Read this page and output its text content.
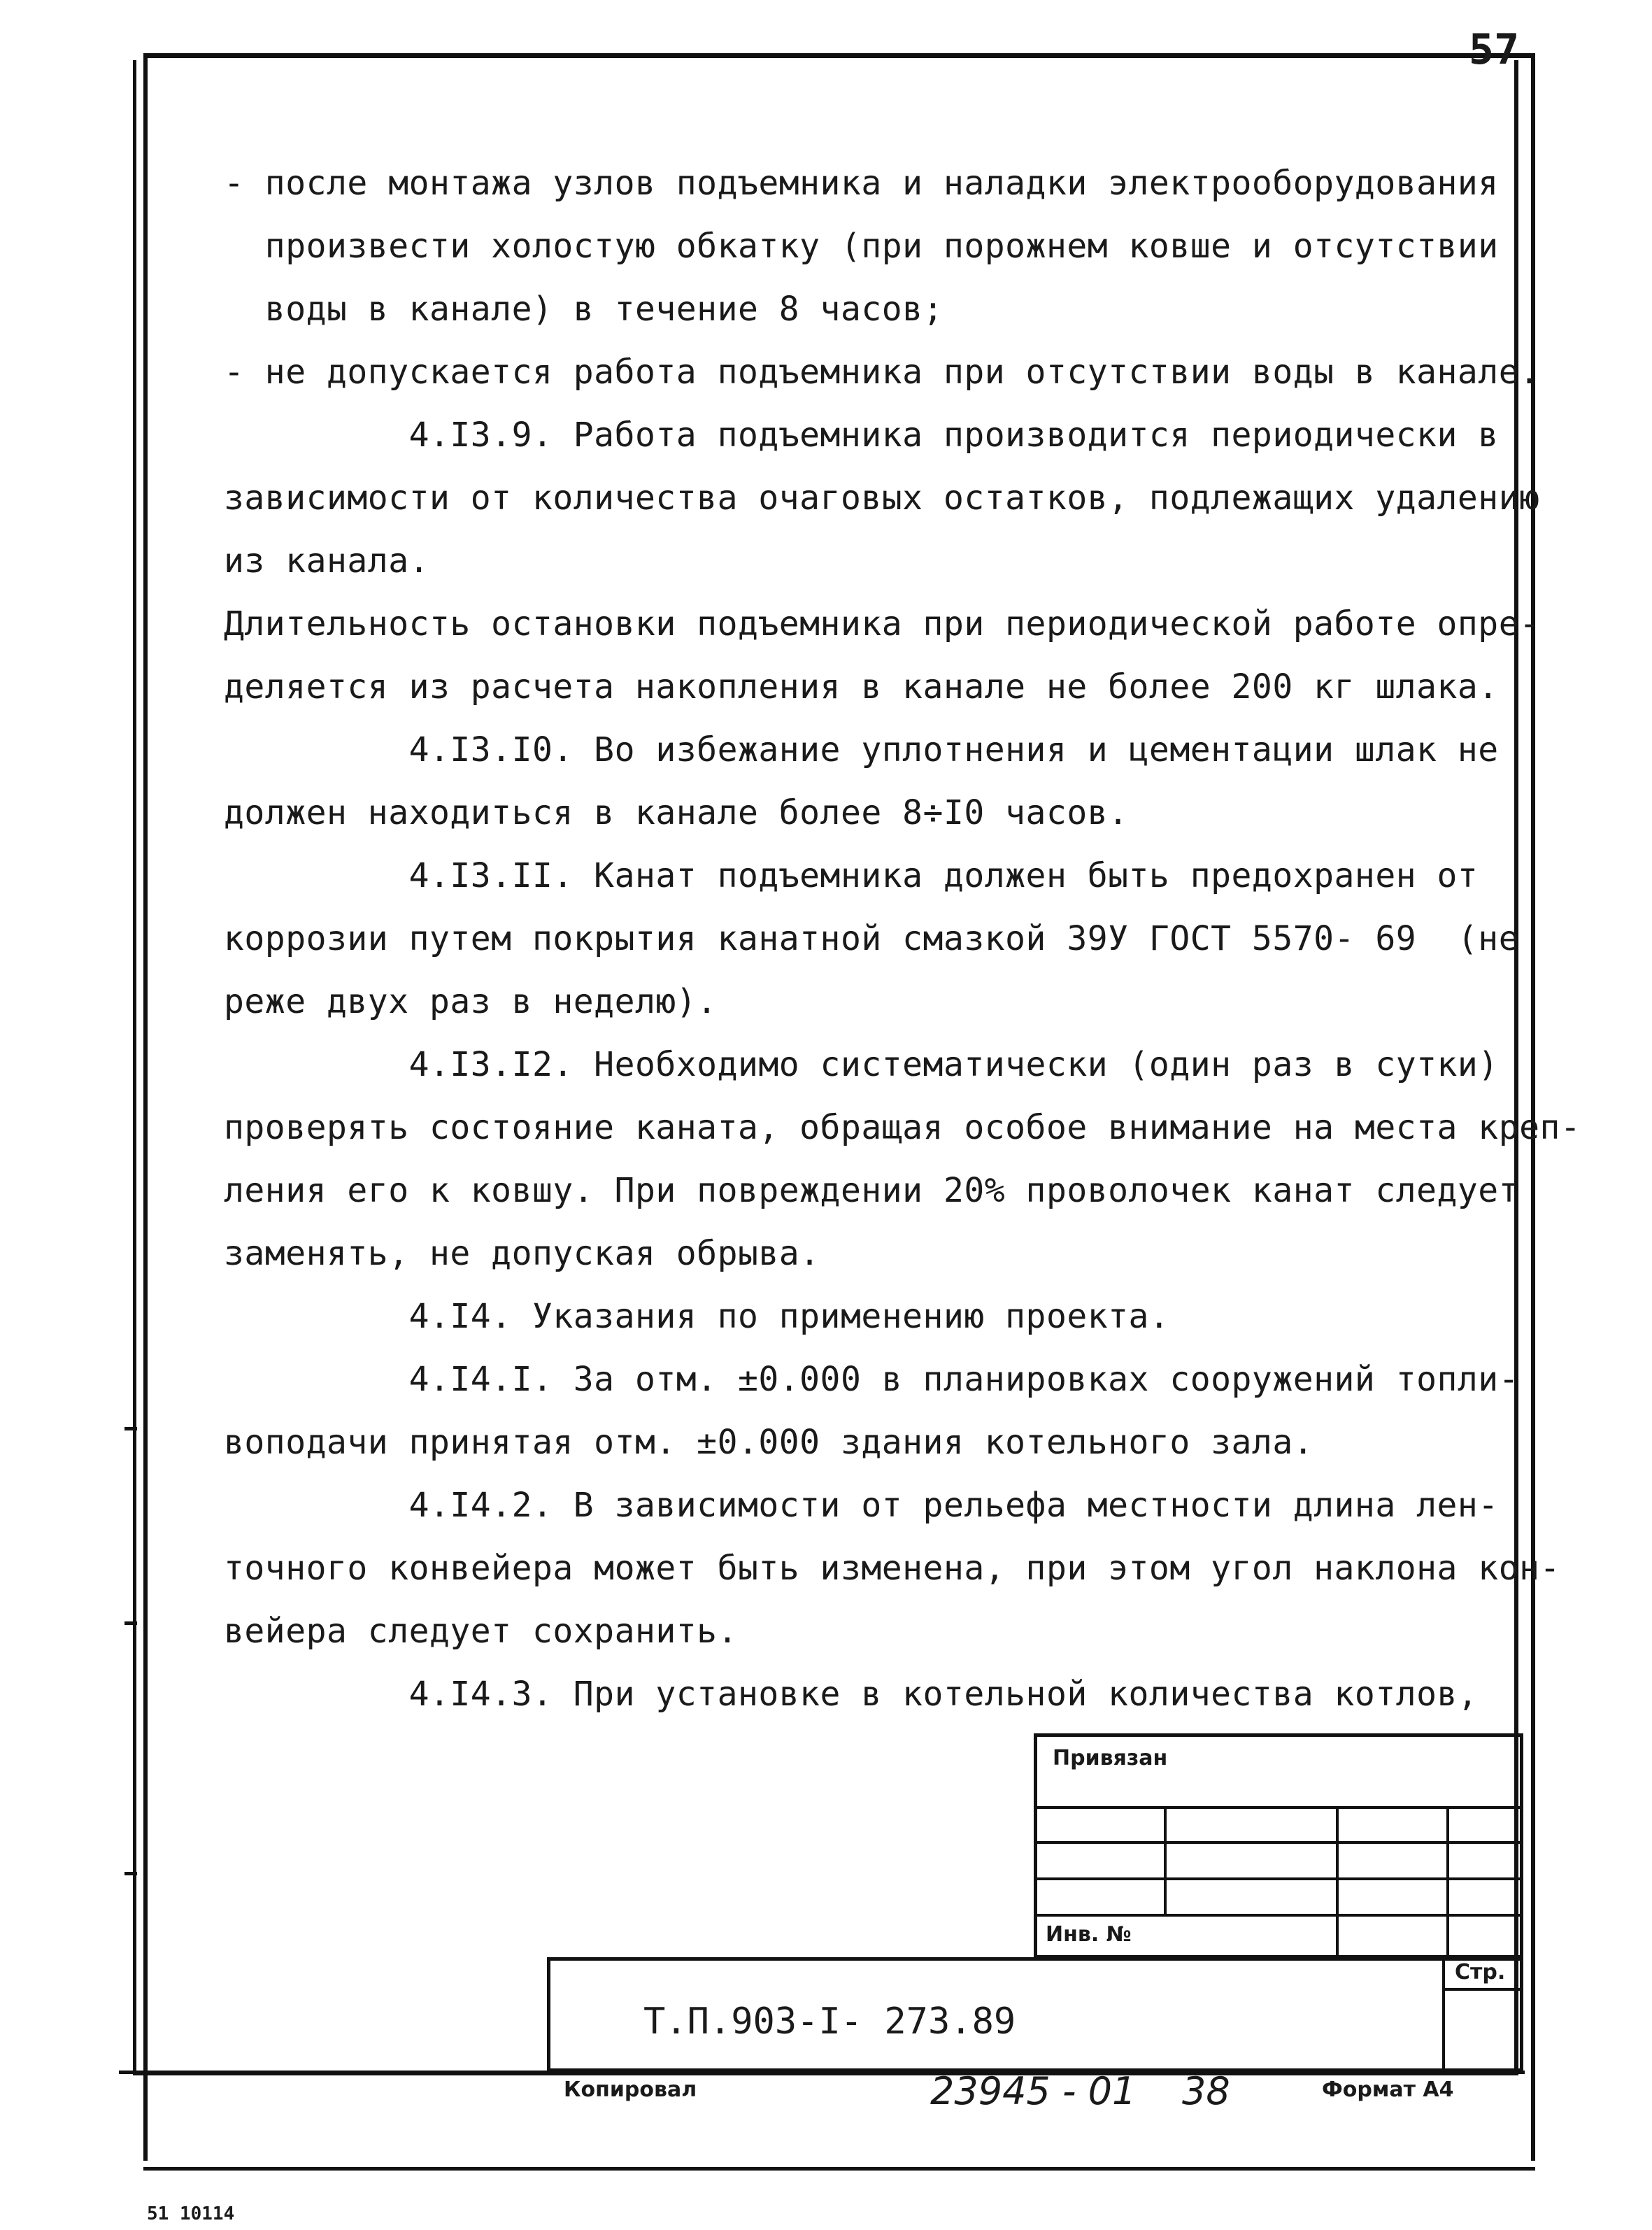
57
- после монтажа узлов подъемника и наладки электрооборудования
произвести холостую обкатку (при порожнем ковше и отсутствии
воды в канале) в течение 8 часов;
- не допускается работа подъемника при отсутствии воды в канале.
4.I3.9. Работа подъемника производится периодически в
зависимости от количества очаговых остатков, подлежащих удалению
из канала.
Длительность остановки подъемника при периодической работе опре-
деляется из расчета накопления в канале не более 200 кг шлака.
4.I3.I0. Во избежание уплотнения и цементации шлак не
должен находиться в канале более 8÷I0 часов.
4.I3.II. Канат подъемника должен быть предохранен от
коррозии путем покрытия канатной смазкой 39У ГОСТ 5570- 69  (не
реже двух раз в неделю).
4.I3.I2. Необходимо систематически (один раз в сутки)
проверять состояние каната, обращая особое внимание на места креп-
ления его к ковшу. При повреждении 20% проволочек канат следует
заменять, не допуская обрыва.
4.I4. Указания по применению проекта.
4.I4.I. За отм. ±0.000 в планировках сооружений топли-
воподачи принятая отм. ±0.000 здания котельного зала.
4.I4.2. В зависимости от рельефа местности длина лен-
точного конвейера может быть изменена, при этом угол наклона кон-
вейера следует сохранить.
4.I4.3. При установке в котельной количества котлов,
Привязан
Инв. №
Стр.
Т.П.903-I- 273.89
Копировал	23945 - 01 38	Формат А4
51 10114
